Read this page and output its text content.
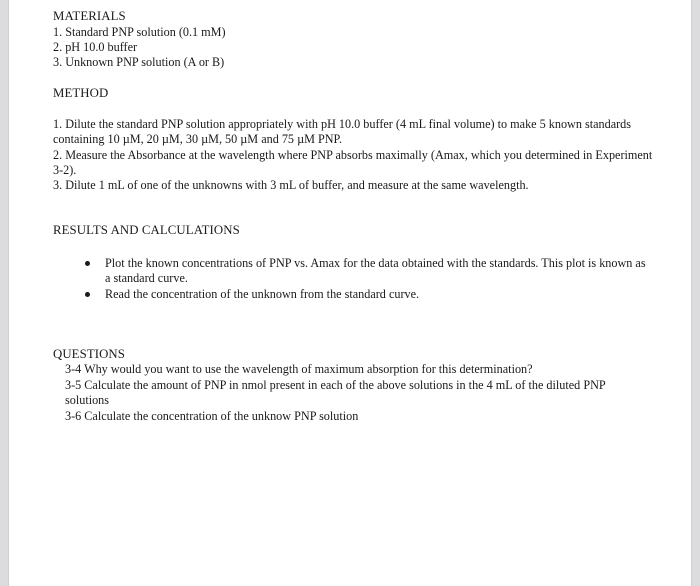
MATERIALS
1. Standard PNP solution (0.1 mM)
2. pH 10.0 buffer
3. Unknown PNP solution (A or B)
METHOD
1. Dilute the standard PNP solution appropriately with pH 10.0 buffer (4 mL final volume) to make 5 known standards containing 10 µM, 20 µM, 30 µM, 50 µM and 75 µM PNP.
2. Measure the Absorbance at the wavelength where PNP absorbs maximally (Amax, which you determined in Experiment 3-2).
3. Dilute 1 mL of one of the unknowns with 3 mL of buffer, and measure at the same wavelength.
RESULTS AND CALCULATIONS
Plot the known concentrations of PNP vs. Amax for the data obtained with the standards. This plot is known as a standard curve.
Read the concentration of the unknown from the standard curve.
QUESTIONS
3-4 Why would you want to use the wavelength of maximum absorption for this determination?
3-5 Calculate the amount of PNP in nmol present in each of the above solutions in the 4 mL of the diluted PNP solutions
3-6 Calculate the concentration of the unknow PNP solution
